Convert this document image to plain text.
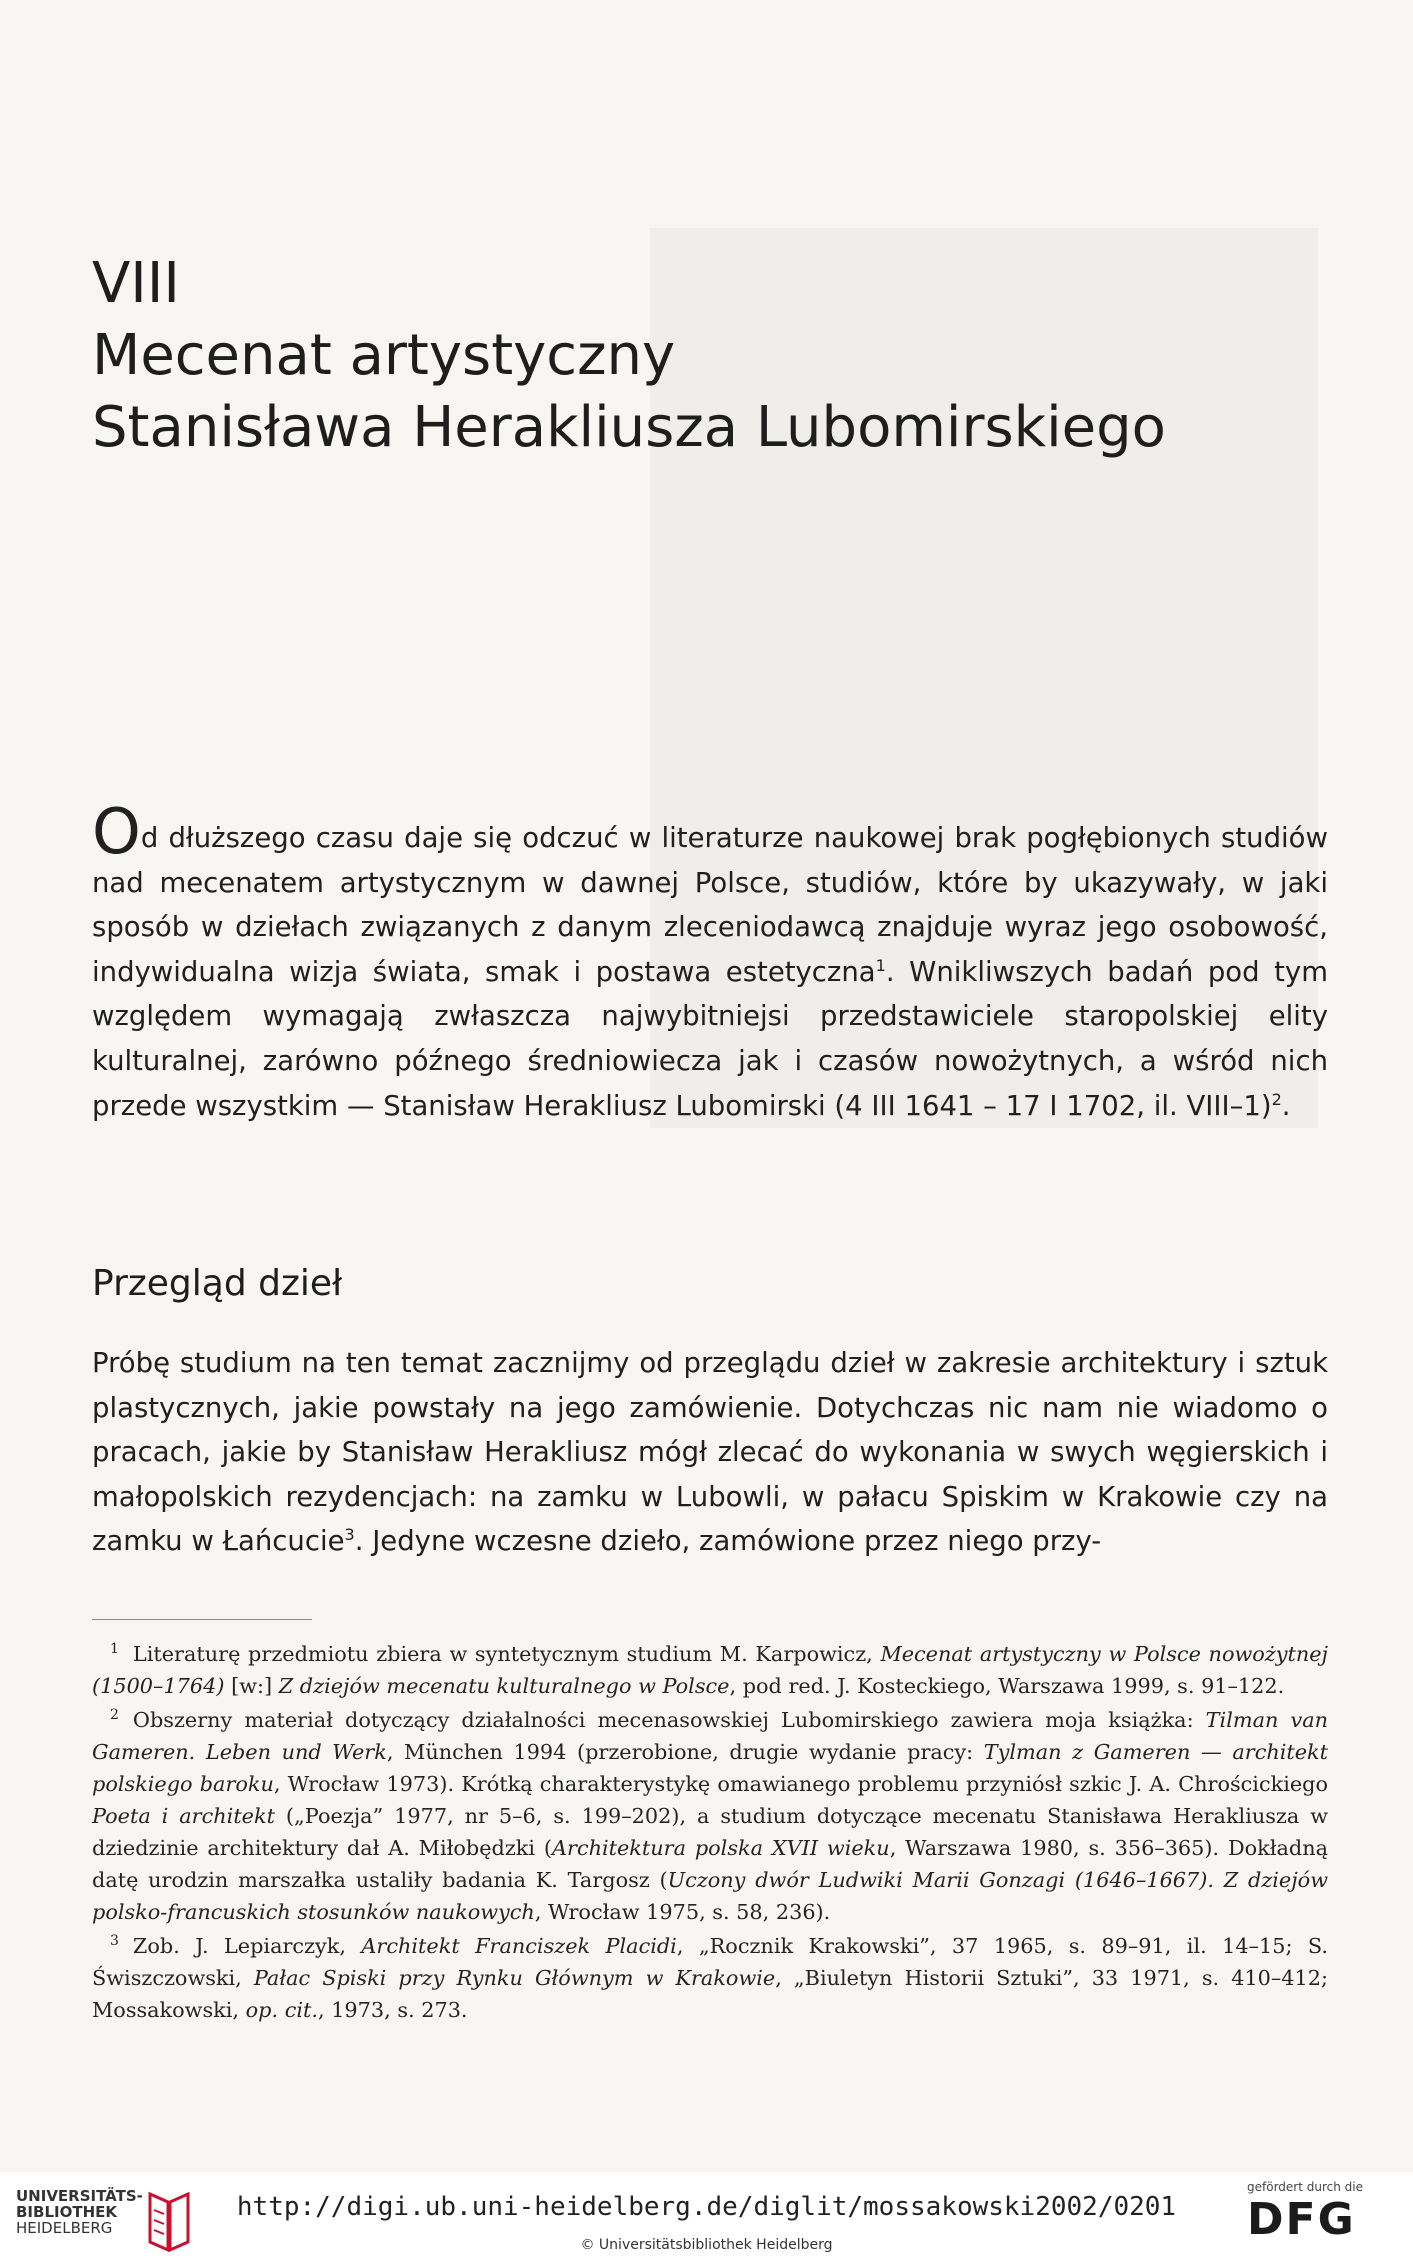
VIII
Mecenat artystyczny
Stanisława Herakliusza Lubomirskiego

Od dłuższego czasu daje się odczuć w literaturze naukowej brak pogłębionych studiów nad mecenatem artystycznym w dawnej Polsce, studiów, które by ukazywały, w jaki sposób w dziełach związanych z danym zleceniodawcą znajduje wyraz jego osobowość, indywidualna wizja świata, smak i postawa estetyczna$^1$. Wnikliwszych badań pod tym względem wymagają zwłaszcza najwybitniejsi przedstawiciele staropolskiej elity kulturalnej, zarówno późnego średniowiecza jak i czasów nowożytnych, a wśród nich przede wszystkim — Stanisław Herakliusz Lubomirski (4 III 1641 – 17 I 1702, il. VIII–1)$^2$.

Przegląd dzieł

Próbę studium na ten temat zacznijmy od przeglądu dzieł w zakresie architektury i sztuk plastycznych, jakie powstały na jego zamówienie. Dotychczas nic nam nie wiadomo o pracach, jakie by Stanisław Herakliusz mógł zlecać do wykonania w swych węgierskich i małopolskich rezydencjach: na zamku w Lubowli, w pałacu Spiskim w Krakowie czy na zamku w Łańcucie$^3$. Jedyne wczesne dzieło, zamówione przez niego przy-

$^1$ Literaturę przedmiotu zbiera w syntetycznym studium M. Karpowicz, Mecenat artystyczny w Polsce nowożytnej (1500–1764) [w:] Z dziejów mecenatu kulturalnego w Polsce, pod red. J. Kosteckiego, Warszawa 1999, s. 91–122.

$^2$ Obszerny materiał dotyczący działalności mecenasowskiej Lubomirskiego zawiera moja książka: Tilman van Gameren. Leben und Werk, München 1994 (przerobione, drugie wydanie pracy: Tylman z Gameren — architekt polskiego baroku, Wrocław 1973). Krótką charakterystykę omawianego problemu przyniósł szkic J. A. Chrościckiego Poeta i architekt („Poezja” 1977, nr 5–6, s. 199–202), a studium dotyczące mecenatu Stanisława Herakliusza w dziedzinie architektury dał A. Miłobędzki (Architektura polska XVII wieku, Warszawa 1980, s. 356–365). Dokładną datę urodzin marszałka ustaliły badania K. Targosz (Uczony dwór Ludwiki Marii Gonzagi (1646–1667). Z dziejów polsko-francuskich stosunków naukowych, Wrocław 1975, s. 58, 236).

$^3$ Zob. J. Lepiarczyk, Architekt Franciszek Placidi, „Rocznik Krakowski”, 37 1965, s. 89–91, il. 14–15; S. Świszczowski, Pałac Spiski przy Rynku Głównym w Krakowie, „Biuletyn Historii Sztuki”, 33 1971, s. 410–412; Mossakowski, op. cit., 1973, s. 273.

UNIVERSITÄTS-
BIBLIOTHEK
HEIDELBERG
http://digi.ub.uni-heidelberg.de/diglit/mossakowski2002/0201
© Universitätsbibliothek Heidelberg
gefördert durch die
DFG
